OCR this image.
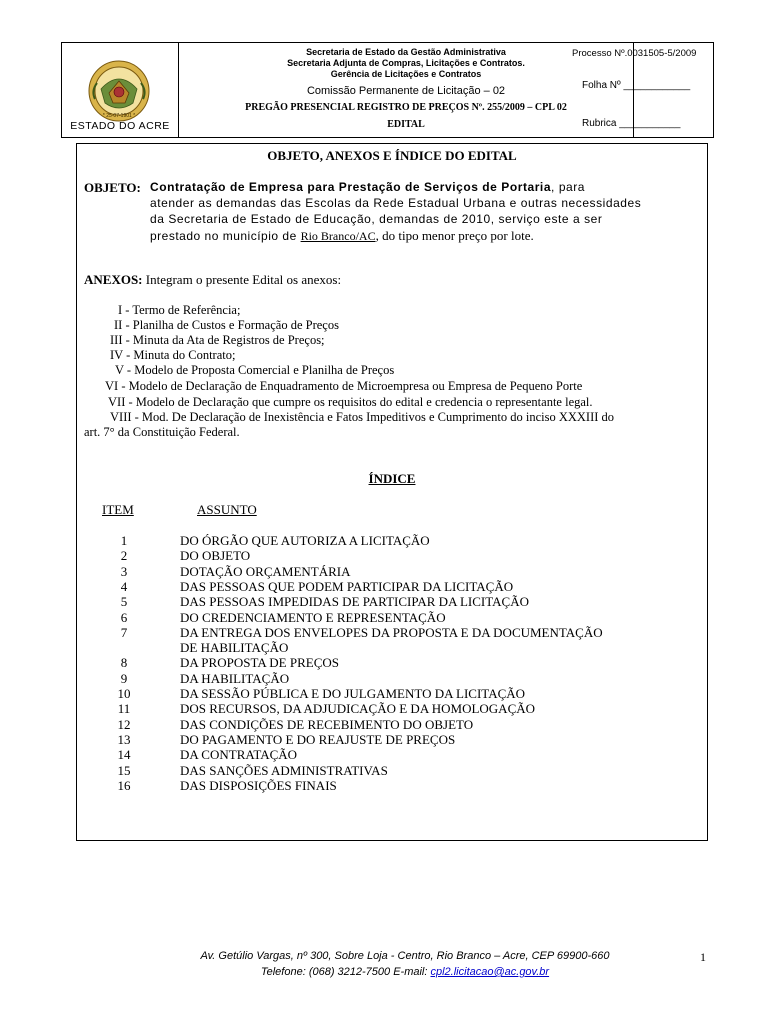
* 25-07-1901 *
ESTADO DO ACRE
Secretaria de Estado da Gestão Administrativa
Secretaria Adjunta de Compras, Licitações e Contratos.
Gerência de Licitações e Contratos
Comissão Permanente de Licitação – 02
PREGÃO PRESENCIAL REGISTRO DE PREÇOS Nº. 255/2009 – CPL 02
EDITAL
Processo Nº.0031505-5/2009
Folha Nº ____________
Rubrica ___________
OBJETO, ANEXOS E ÍNDICE DO EDITAL
OBJETO: Contratação de Empresa para Prestação de Serviços de Portaria, para
atender as demandas das Escolas da Rede Estadual Urbana e outras necessidades
da Secretaria de Estado de Educação, demandas de 2010, serviço este a ser
prestado no município de Rio Branco/AC, do tipo menor preço por lote.
ANEXOS: Integram o presente Edital os anexos:
I - Termo de Referência;
II - Planilha de Custos e Formação de Preços
III - Minuta da Ata de Registros de Preços;
IV - Minuta do Contrato;
V - Modelo de Proposta Comercial e Planilha de Preços
VI - Modelo de Declaração de Enquadramento de Microempresa ou Empresa de Pequeno Porte
VII - Modelo de Declaração que cumpre os requisitos do edital e credencia o representante legal.
VIII - Mod. De Declaração de Inexistência e Fatos Impeditivos e Cumprimento do inciso XXXIII do
art. 7° da Constituição Federal.
ÍNDICE
ITEM	ASSUNTO
1	DO ÓRGÃO QUE AUTORIZA A LICITAÇÃO
2	DO OBJETO
3	DOTAÇÃO ORÇAMENTÁRIA
4	DAS PESSOAS QUE PODEM PARTICIPAR DA LICITAÇÃO
5	DAS PESSOAS IMPEDIDAS DE PARTICIPAR DA LICITAÇÃO
6	DO CREDENCIAMENTO E REPRESENTAÇÃO
7	DA ENTREGA DOS ENVELOPES DA PROPOSTA E DA DOCUMENTAÇÃO
DE HABILITAÇÃO
8	DA PROPOSTA DE PREÇOS
9	DA HABILITAÇÃO
10	DA SESSÃO PÚBLICA E DO JULGAMENTO DA LICITAÇÃO
11	DOS RECURSOS, DA ADJUDICAÇÃO E DA HOMOLOGAÇÃO
12	DAS CONDIÇÕES DE RECEBIMENTO DO OBJETO
13	DO PAGAMENTO E DO REAJUSTE DE PREÇOS
14	DA CONTRATAÇÃO
15	DAS SANÇÕES ADMINISTRATIVAS
16	DAS DISPOSIÇÕES FINAIS
Av. Getúlio Vargas, nº 300, Sobre Loja - Centro, Rio Branco – Acre, CEP 69900-660
Telefone: (068) 3212-7500 E-mail: cpl2.licitacao@ac.gov.br
1
